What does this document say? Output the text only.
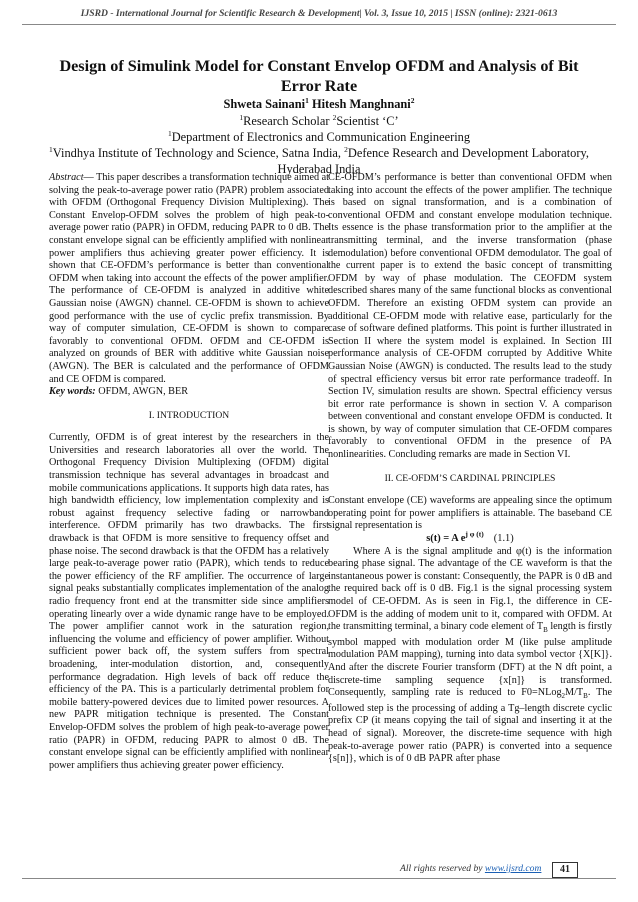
IJSRD - International Journal for Scientific Research & Development| Vol. 3, Issue 10, 2015 | ISSN (online): 2321-0613
Design of Simulink Model for Constant Envelop OFDM and Analysis of Bit Error Rate
Shweta Sainani$^1$ Hitesh Manghnani$^2$
$^1$Research Scholar $^2$Scientist ‘C’
$^1$Department of Electronics and Communication Engineering
$^1$Vindhya Institute of Technology and Science, Satna India, $^2$Defence Research and Development Laboratory, Hyderabad India

Abstract— This paper describes a transformation technique aimed at solving the peak-to-average power ratio (PAPR) problem associated with OFDM (Orthogonal Frequency Division Multiplexing). The Constant Envelop-OFDM solves the problem of high peak-to-average power ratio (PAPR) in OFDM, reducing PAPR to 0 dB. The constant envelope signal can be efficiently amplified with nonlinear power amplifiers thus achieving greater power efficiency. It is shown that CE-OFDM’s performance is better than conventional OFDM when taking into account the effects of the power amplifier. The performance of CE-OFDM is analyzed in additive white Gaussian noise (AWGN) channel. CE-OFDM is shown to achieve good performance with the use of cyclic prefix transmission. By way of computer simulation, CE-OFDM is shown to compare favorably to conventional OFDM. OFDM and CE-OFDM is analyzed on grounds of BER with additive white Gaussian noise (AWGN). The BER is calculated and the performance of OFDM and CE OFDM is compared.

Key words: OFDM, AWGN, BER

I. INTRODUCTION

Currently, OFDM is of great interest by the researchers in the Universities and research laboratories all over the world. The Orthogonal Frequency Division Multiplexing (OFDM) digital transmission technique has several advantages in broadcast and mobile communications applications. It supports high data rates, has high bandwidth efficiency, low implementation complexity and is robust against frequency selective fading or narrowband interference. OFDM primarily has two drawbacks. The first drawback is that OFDM is more sensitive to frequency offset and phase noise. The second drawback is that the OFDM has a relatively large peak-to-average power ratio (PAPR), which tends to reduce the power efficiency of the RF amplifier. The occurrence of large signal peaks substantially complicates implementation of the analog radio frequency front end at the transmitter side since amplifiers operating linearly over a wide dynamic range have to be employed. The power amplifier cannot work in the saturation region, influencing the volume and efficiency of power amplifier. Without sufficient power back off, the system suffers from spectral broadening, inter-modulation distortion, and, consequently performance degradation. High levels of back off reduce the efficiency of the PA. This is a particularly detrimental problem for mobile battery-powered devices due to limited power resources. A new PAPR mitigation technique is presented. The Constant Envelop-OFDM solves the problem of high peak-to-average power ratio (PAPR) in OFDM, reducing PAPR to almost 0 dB. The constant envelope signal can be efficiently amplified with nonlinear power amplifiers thus achieving greater power efficiency.

CE-OFDM’s performance is better than conventional OFDM when taking into account the effects of the power amplifier. The technique is based on signal transformation, and is a combination of conventional OFDM and constant envelope modulation technique. Its essence is the phase transformation prior to the amplifier at the transmitting terminal, and the inverse transformation (phase demodulation) before conventional OFDM demodulator. The goal of the current paper is to extend the basic concept of transmitting OFDM by way of phase modulation. The CEOFDM system described shares many of the same functional blocks as conventional OFDM. Therefore an existing OFDM system can provide an additional CE-OFDM mode with relative ease, particularly for the case of software defined platforms. This point is further illustrated in Section II where the system model is explained. In Section III performance analysis of CE-OFDM corrupted by Additive White Gaussian Noise (AWGN) is conducted. The results lead to the study of spectral efficiency versus bit error rate performance tradeoff. In Section IV, simulation results are shown. Spectral efficiency versus bit error rate performance is shown in section V. A comparison between conventional and constant envelope OFDM is conducted. It is shown, by way of computer simulation that CE-OFDM compares favorably to conventional OFDM in the presence of PA nonlinearities. Concluding remarks are made in Section VI.

II. CE-OFDM’S CARDINAL PRINCIPLES

Constant envelope (CE) waveforms are appealing since the optimum operating point for power amplifiers is attainable. The baseband CE signal representation is

s(t) = A $e^{j \varphi (t)}$ (1.1)

Where A is the signal amplitude and φ(t) is the information bearing phase signal. The advantage of the CE waveform is that the instantaneous power is constant: Consequently, the PAPR is 0 dB and the required back off is 0 dB. Fig.1 is the signal processing system model of CE-OFDM. As is seen in Fig.1, the difference in CE-OFDM is the adding of modem unit to it, compared with OFDM. At the transmitting terminal, a binary code element of $T_B$ length is firstly symbol mapped with modulation order M (like pulse amplitude modulation PAM mapping), turning into data symbol vector {X[K]}. And after the discrete Fourier transform (DFT) at the N dft point, a discrete-time sampling sequence {x[n]} is transformed. Consequently, sampling rate is reduced to $F0=NLog_2M/T_B$. The followed step is the processing of adding a Tg–length discrete cyclic prefix CP (it means copying the tail of signal and inserting it at the head of signal). Moreover, the discrete-time sequence with high peak-to-average power ratio (PAPR) is converted into a sequence {s[n]}, which is of 0 dB PAPR after phase

All rights reserved by www.ijsrd.com	41
